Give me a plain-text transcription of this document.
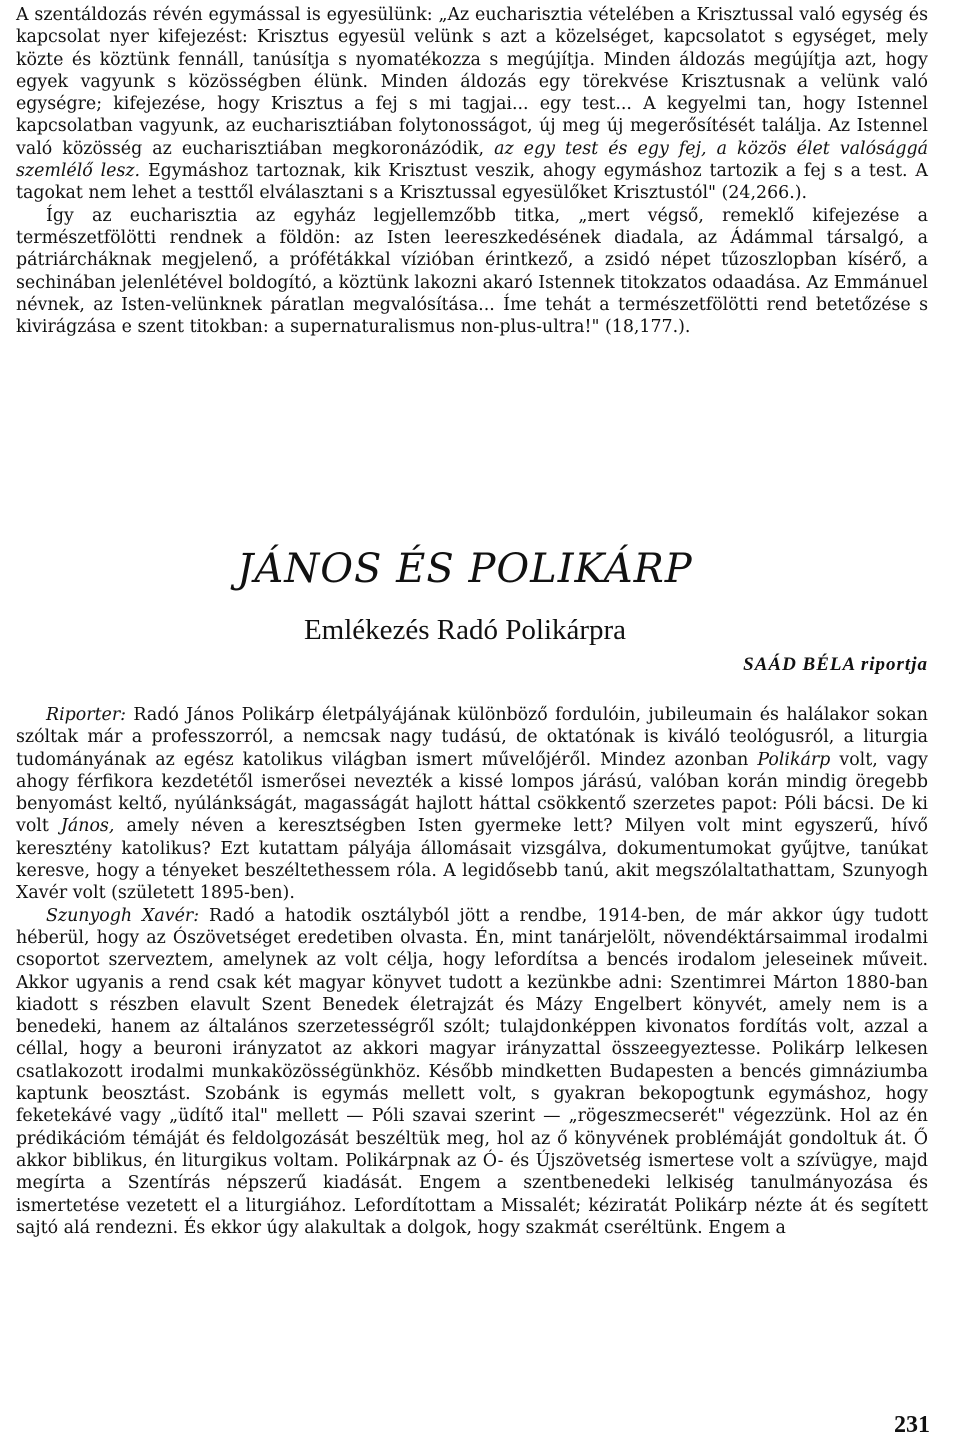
A szentáldozás révén egymással is egyesülünk: „Az eucharisztia vételében a Krisztussal való egység és kapcsolat nyer kifejezést: Krisztus egyesül velünk s azt a közelséget, kapcsolatot s egységet, mely közte és köztünk fennáll, tanúsítja s nyomatékozza s megújítja. Minden áldozás megújítja azt, hogy egyek vagyunk s közösségben élünk. Minden áldozás egy törekvése Krisztusnak a velünk való egységre; kifejezése, hogy Krisztus a fej s mi tagjai... egy test... A kegyelmi tan, hogy Istennel kapcsolatban vagyunk, az eucharisztiában folytonosságot, új meg új megerősítését találja. Az Istennel való közösség az eucharisztiában megkoronázódik, az egy test és egy fej, a közös élet valósággá szemlélő lesz. Egymáshoz tartoznak, kik Krisztust veszik, ahogy egymáshoz tartozik a fej s a test. A tagokat nem lehet a testtől elválasztani s a Krisztussal egyesülőket Krisztustól" (24,266.).

Így az eucharisztia az egyház legjellemzőbb titka, „mert végső, remeklő kifejezése a természetfölötti rendnek a földön: az Isten leereszkedésének diadala, az Ádámmal társalgó, a pátriárcháknak megjelenő, a prófétákkal vízióban érintkező, a zsidó népet tűzoszlopban kísérő, a sechinában jelenlétével boldogító, a köztünk lakozni akaró Istennek titokzatos odaadása. Az Emmánuel névnek, az Isten-velünknek páratlan megvalósítása... Íme tehát a természetfölötti rend betetőzése s kivirágzása e szent titokban: a supernaturalismus non-plus-ultra!" (18,177.).

JÁNOS ÉS POLIKÁRP
Emlékezés Radó Polikárpra
SAÁD BÉLA riportja

Riporter: Radó János Polikárp életpályájának különböző fordulóin, jubileumain és halálakor sokan szóltak már a professzorról, a nemcsak nagy tudású, de oktatónak is kiváló teológusról, a liturgia tudományának az egész katolikus világban ismert művelőjéről. Mindez azonban Polikárp volt, vagy ahogy férfikora kezdetétől ismerősei nevezték a kissé lompos járású, valóban korán mindig öregebb benyomást keltő, nyúlánkságát, magasságát hajlott háttal csökkentő szerzetes papot: Póli bácsi. De ki volt János, amely néven a keresztségben Isten gyermeke lett? Milyen volt mint egyszerű, hívő keresztény katolikus? Ezt kutattam pályája állomásait vizsgálva, dokumentumokat gyűjtve, tanúkat keresve, hogy a tényeket beszéltethessem róla. A legidősebb tanú, akit megszólaltathattam, Szunyogh Xavér volt (született 1895-ben).

Szunyogh Xavér: Radó a hatodik osztályból jött a rendbe, 1914-ben, de már akkor úgy tudott héberül, hogy az Ószövetséget eredetiben olvasta. Én, mint tanárjelölt, növendéktársaimmal irodalmi csoportot szerveztem, amelynek az volt célja, hogy lefordítsa a bencés irodalom jeleseinek műveit. Akkor ugyanis a rend csak két magyar könyvet tudott a kezünkbe adni: Szentimrei Márton 1880-ban kiadott s részben elavult Szent Benedek életrajzát és Mázy Engelbert könyvét, amely nem is a benedeki, hanem az általános szerzetességről szólt; tulajdonképpen kivonatos fordítás volt, azzal a céllal, hogy a beuroni irányzatot az akkori magyar irányzattal összeegyeztesse. Polikárp lelkesen csatlakozott irodalmi munkaközösségünkhöz. Később mindketten Budapesten a bencés gimnáziumba kaptunk beosztást. Szobánk is egymás mellett volt, s gyakran bekopogtunk egymáshoz, hogy feketekávé vagy „üdítő ital" mellett — Póli szavai szerint — „rögeszmecserét" végezzünk. Hol az én prédikációm témáját és feldolgozását beszéltük meg, hol az ő könyvének problémáját gondoltuk át. Ő akkor biblikus, én liturgikus voltam. Polikárpnak az Ó- és Újszövetség ismertese volt a szívügye, majd megírta a Szentírás népszerű kiadását. Engem a szentbenedeki lelkiség tanulmányozása és ismertetése vezetett el a liturgiához. Lefordítottam a Missalét; kéziratát Polikárp nézte át és segített sajtó alá rendezni. És ekkor úgy alakultak a dolgok, hogy szakmát cseréltünk. Engem a

231
